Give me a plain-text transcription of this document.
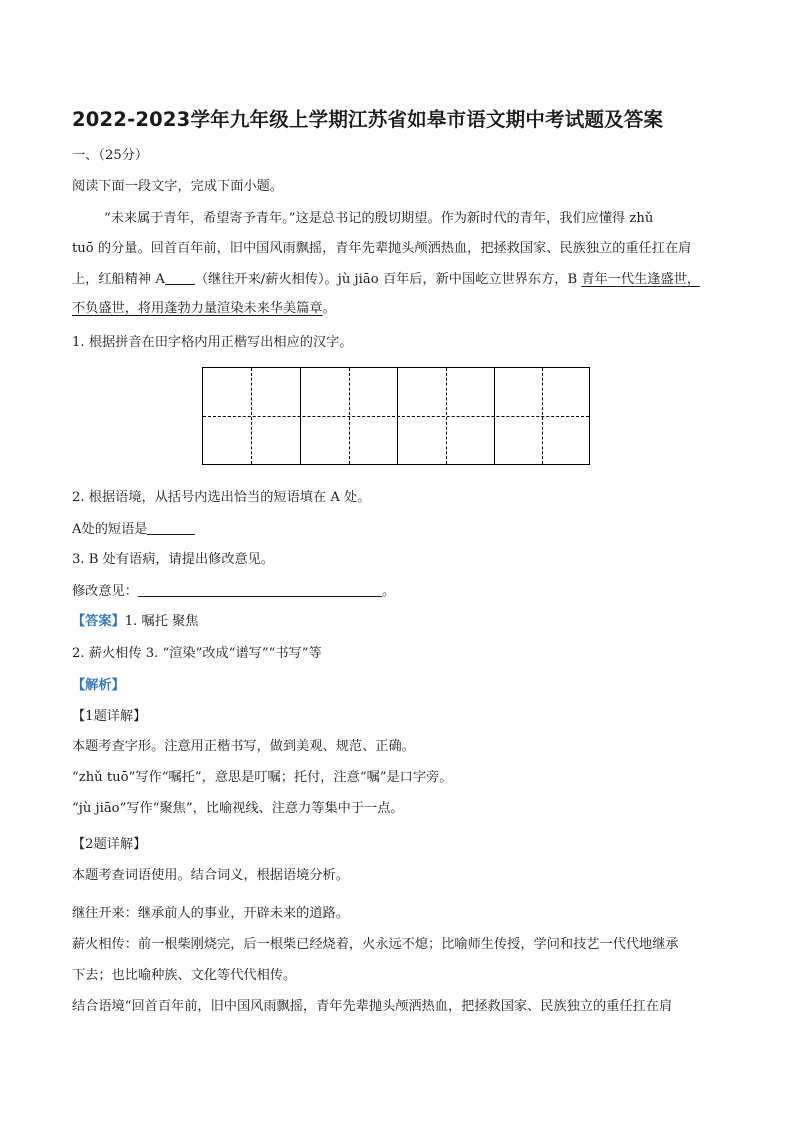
2022-2023学年九年级上学期江苏省如皋市语文期中考试题及答案
一、（25分）
阅读下面一段文字，完成下面小题。
“未来属于青年，希望寄予青年。”这是总书记的殷切期望。作为新时代的青年，我们应懂得 zhǔ
tuō 的分量。回首百年前，旧中国风雨飘摇，青年先辈抛头颅洒热血，把拯救国家、民族独立的重任扛在肩
上，红船精神 A （继往开来/薪火相传）。jù jiāo 百年后，新中国屹立世界东方，B 青年一代生逢盛世，
不负盛世，将用蓬勃力量渲染未来华美篇章。
1. 根据拼音在田字格内用正楷写出相应的汉字。
2. 根据语境，从括号内选出恰当的短语填在 A 处。
A处的短语是
3. B 处有语病，请提出修改意见。
修改意见：	。
【答案】1. 嘱托 聚焦
2. 薪火相传 3. “渲染”改成“谱写”“书写”等
【解析】
【1题详解】
本题考查字形。注意用正楷书写，做到美观、规范、正确。
“zhǔ tuō”写作“嘱托”，意思是叮嘱；托付，注意“嘱”是口字旁。
“jù jiāo”写作“聚焦”，比喻视线、注意力等集中于一点。
【2题详解】
本题考查词语使用。结合词义，根据语境分析。
继往开来：继承前人的事业，开辟未来的道路。
薪火相传：前一根柴刚烧完，后一根柴已经烧着，火永远不熄；比喻师生传授，学问和技艺一代代地继承
下去；也比喻种族、文化等代代相传。
结合语境“回首百年前，旧中国风雨飘摇，青年先辈抛头颅洒热血，把拯救国家、民族独立的重任扛在肩
